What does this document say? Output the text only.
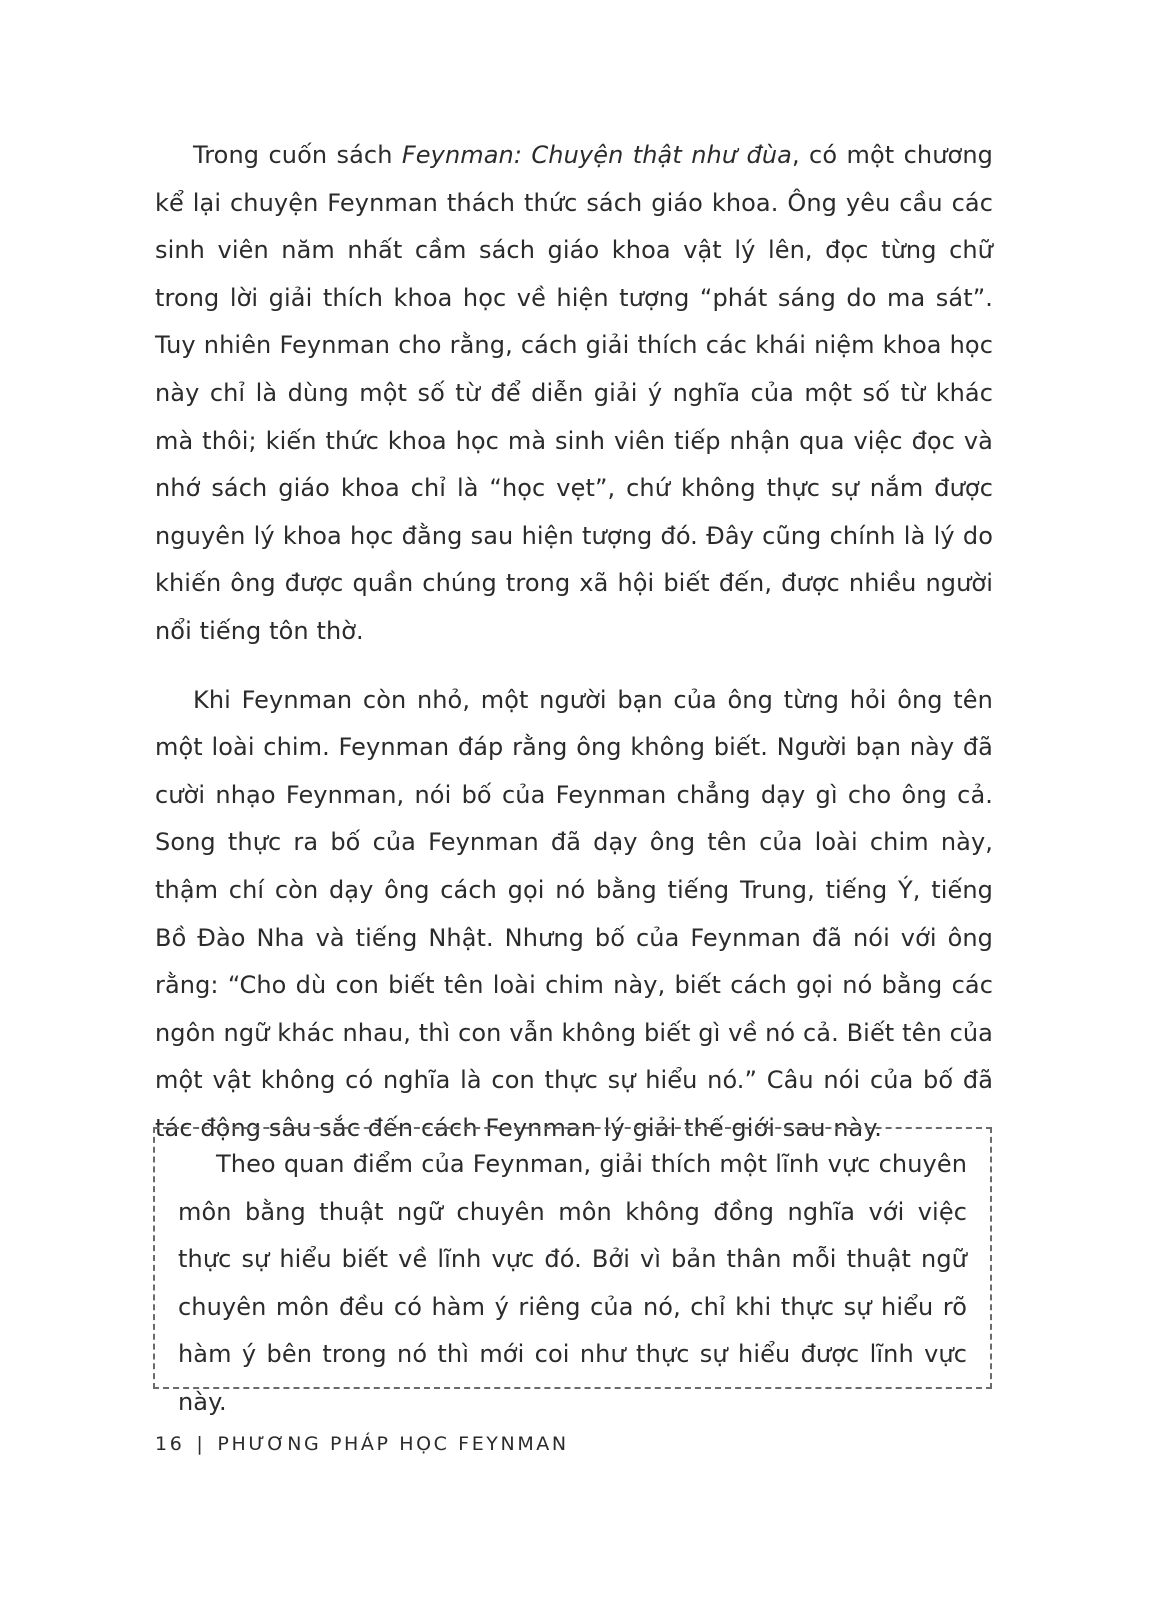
Trong cuốn sách Feynman: Chuyện thật như đùa, có một chương kể lại chuyện Feynman thách thức sách giáo khoa. Ông yêu cầu các sinh viên năm nhất cầm sách giáo khoa vật lý lên, đọc từng chữ trong lời giải thích khoa học về hiện tượng “phát sáng do ma sát”. Tuy nhiên Feynman cho rằng, cách giải thích các khái niệm khoa học này chỉ là dùng một số từ để diễn giải ý nghĩa của một số từ khác mà thôi; kiến thức khoa học mà sinh viên tiếp nhận qua việc đọc và nhớ sách giáo khoa chỉ là “học vẹt”, chứ không thực sự nắm được nguyên lý khoa học đằng sau hiện tượng đó. Đây cũng chính là lý do khiến ông được quần chúng trong xã hội biết đến, được nhiều người nổi tiếng tôn thờ.

Khi Feynman còn nhỏ, một người bạn của ông từng hỏi ông tên một loài chim. Feynman đáp rằng ông không biết. Người bạn này đã cười nhạo Feynman, nói bố của Feynman chẳng dạy gì cho ông cả. Song thực ra bố của Feynman đã dạy ông tên của loài chim này, thậm chí còn dạy ông cách gọi nó bằng tiếng Trung, tiếng Ý, tiếng Bồ Đào Nha và tiếng Nhật. Nhưng bố của Feynman đã nói với ông rằng: “Cho dù con biết tên loài chim này, biết cách gọi nó bằng các ngôn ngữ khác nhau, thì con vẫn không biết gì về nó cả. Biết tên của một vật không có nghĩa là con thực sự hiểu nó.” Câu nói của bố đã tác động sâu sắc đến cách Feynman lý giải thế giới sau này.

Theo quan điểm của Feynman, giải thích một lĩnh vực chuyên môn bằng thuật ngữ chuyên môn không đồng nghĩa với việc thực sự hiểu biết về lĩnh vực đó. Bởi vì bản thân mỗi thuật ngữ chuyên môn đều có hàm ý riêng của nó, chỉ khi thực sự hiểu rõ hàm ý bên trong nó thì mới coi như thực sự hiểu được lĩnh vực này.

16 | PHƯƠNG PHÁP HỌC FEYNMAN
